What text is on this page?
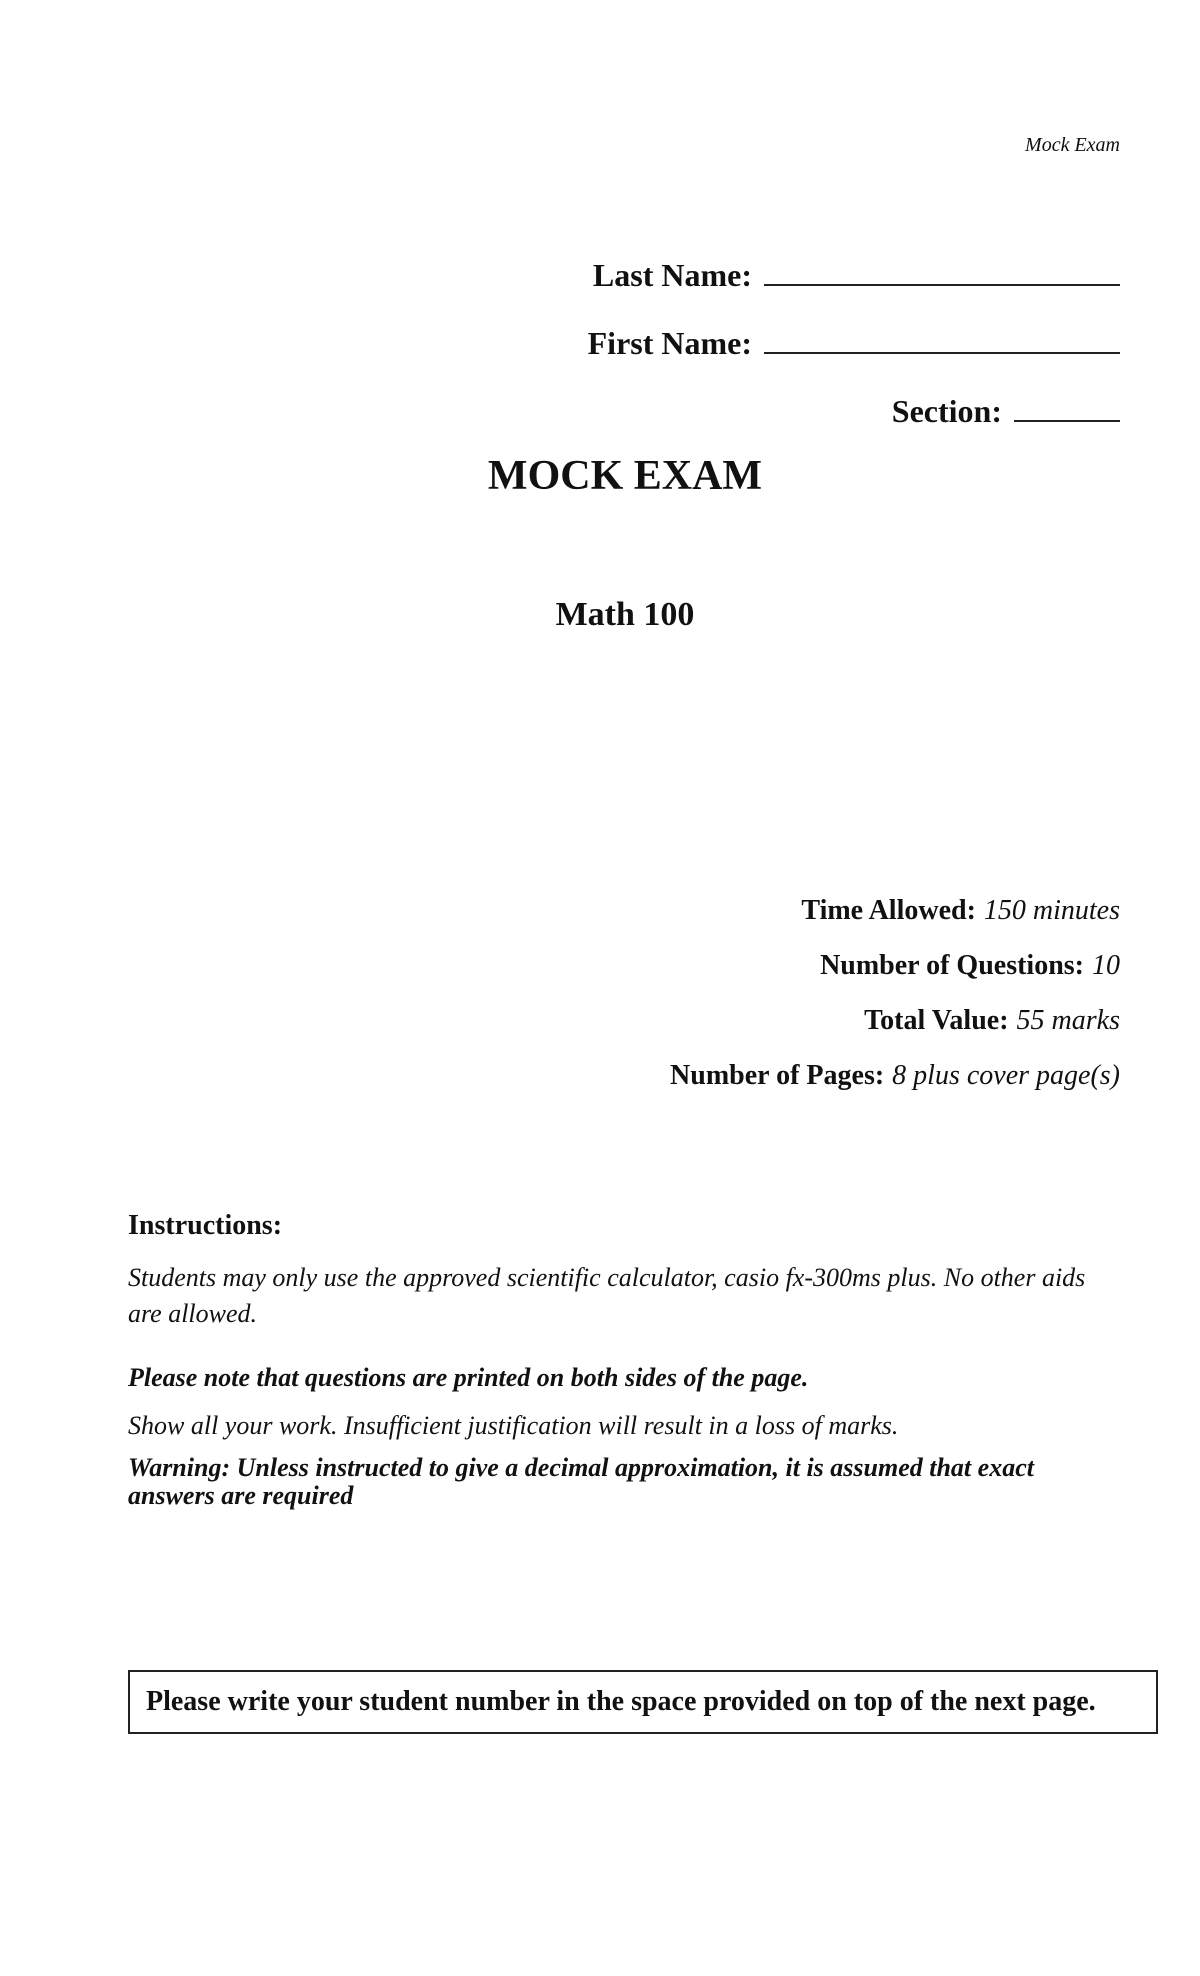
Mock Exam
Last Name:
First Name:
Section:
MOCK EXAM
Math 100
Time Allowed: 150 minutes
Number of Questions: 10
Total Value: 55 marks
Number of Pages: 8 plus cover page(s)
Instructions:

Students may only use the approved scientific calculator, casio fx-300ms plus. No other aids are allowed.

Please note that questions are printed on both sides of the page.

Show all your work. Insufficient justification will result in a loss of marks.

Warning: Unless instructed to give a decimal approximation, it is assumed that exact answers are required

Please write your student number in the space provided on top of the next page.
